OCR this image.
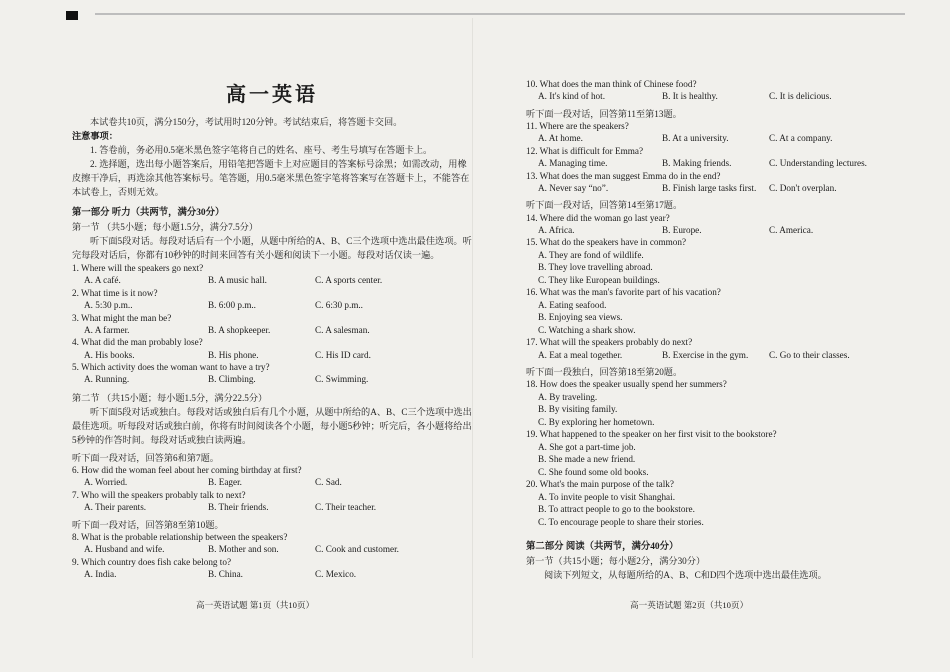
高一英语

本试卷共10页，满分150分，考试用时120分钟。考试结束后，将答题卡交回。

注意事项：

1. 答卷前，务必用0.5毫米黑色签字笔将自己的姓名、座号、考生号填写在答题卡上。

2. 选择题，选出每小题答案后，用铅笔把答题卡上对应题目的答案标号涂黑；如需改动，用橡皮擦干净后，再选涂其他答案标号。笔答题，用0.5毫米黑色签字笔将答案写在答题卡上，不能答在本试卷上，否则无效。

第一部分 听力（共两节，满分30分）

第一节 （共5小题；每小题1.5分，满分7.5分）

听下面5段对话。每段对话后有一个小题，从题中所给的A、B、C三个选项中选出最佳选项。听完每段对话后，你都有10秒钟的时间来回答有关小题和阅读下一小题。每段对话仅读一遍。

1. Where will the speakers go next?

A. A café.	B. A music hall.	C. A sports center.

2. What time is it now?

A. 5:30 p.m..	B. 6:00 p.m..	C. 6:30 p.m..

3. What might the man be?

A. A farmer.	B. A shopkeeper.	C. A salesman.

4. What did the man probably lose?

A. His books.	B. His phone.	C. His ID card.

5. Which activity does the woman want to have a try?

A. Running.	B. Climbing.	C. Swimming.

第二节 （共15小题；每小题1.5分，满分22.5分）

听下面5段对话或独白。每段对话或独白后有几个小题，从题中所给的A、B、C三个选项中选出最佳选项。听每段对话或独白前，你将有时间阅读各个小题，每小题5秒钟；听完后，各小题将给出5秒钟的作答时间。每段对话或独白读两遍。

听下面一段对话，回答第6和第7题。

6. How did the woman feel about her coming birthday at first?

A. Worried.	B. Eager.	C. Sad.

7. Who will the speakers probably talk to next?

A. Their parents.	B. Their friends.	C. Their teacher.

听下面一段对话，回答第8至第10题。

8. What is the probable relationship between the speakers?

A. Husband and wife.	B. Mother and son.	C. Cook and customer.

9. Which country does fish cake belong to?

A. India.	B. China.	C. Mexico.

10. What does the man think of Chinese food?

A. It's kind of hot.	B. It is healthy.	C. It is delicious.

听下面一段对话，回答第11至第13题。

11. Where are the speakers?

A. At home.	B. At a university.	C. At a company.

12. What is difficult for Emma?

A. Managing time.	B. Making friends.	C. Understanding lectures.

13. What does the man suggest Emma do in the end?

A. Never say “no”.	B. Finish large tasks first.	C. Don't overplan.

听下面一段对话，回答第14至第17题。

14. Where did the woman go last year?

A. Africa.	B. Europe.	C. America.

15. What do the speakers have in common?

A. They are fond of wildlife.
B. They love travelling abroad.
C. They like European buildings.

16. What was the man's favorite part of his vacation?

A. Eating seafood.
B. Enjoying sea views.
C. Watching a shark show.

17. What will the speakers probably do next?

A. Eat a meal together.	B. Exercise in the gym.	C. Go to their classes.

听下面一段独白，回答第18至第20题。

18. How does the speaker usually spend her summers?

A. By traveling.
B. By visiting family.
C. By exploring her hometown.

19. What happened to the speaker on her first visit to the bookstore?

A. She got a part-time job.
B. She made a new friend.
C. She found some old books.

20. What's the main purpose of the talk?

A. To invite people to visit Shanghai.
B. To attract people to go to the bookstore.
C. To encourage people to share their stories.
第二部分 阅读（共两节，满分40分）

第一节（共15小题；每小题2分，满分30分）

阅读下列短文，从每题所给的A、B、C和D四个选项中选出最佳选项。

高一英语试题 第1页（共10页）	高一英语试题 第2页（共10页）
